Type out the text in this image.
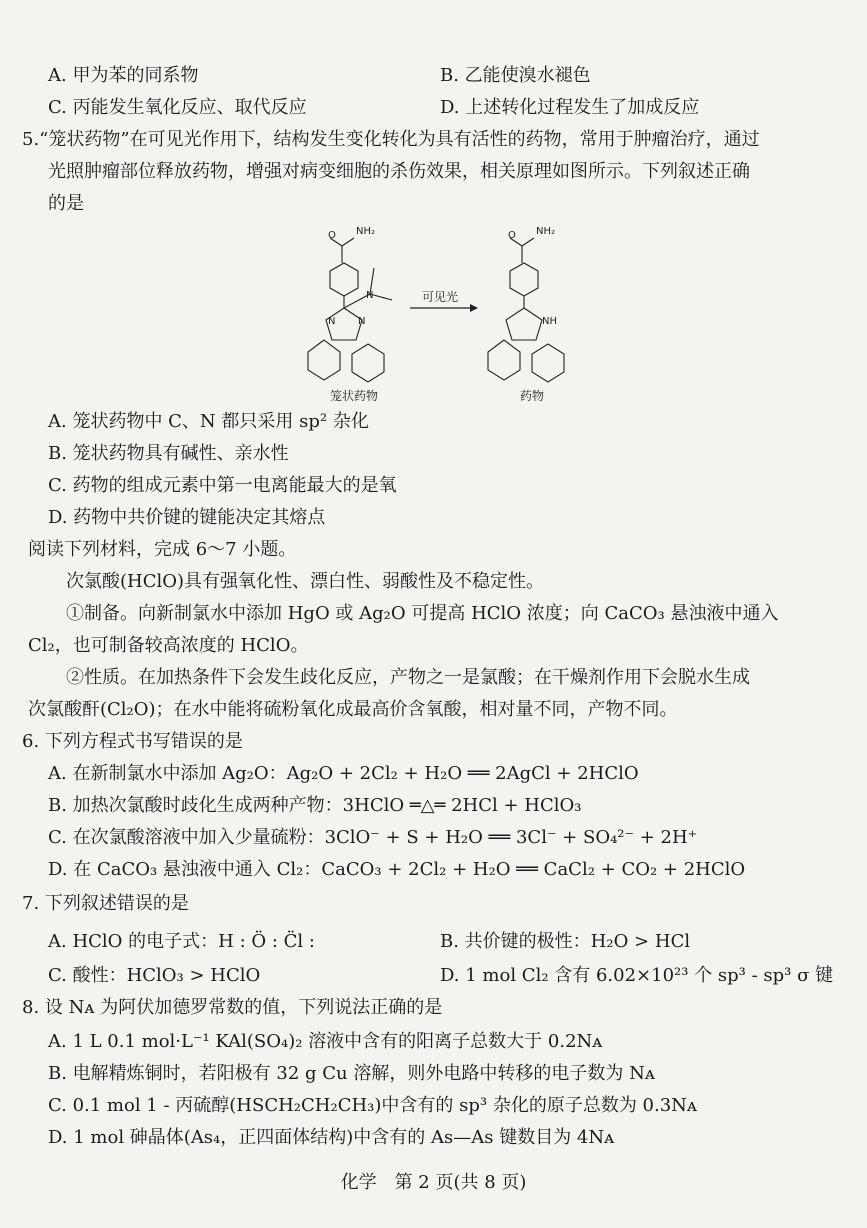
A. 甲为苯的同系物	B. 乙能使溴水褪色
C. 丙能发生氧化反应、取代反应	D. 上述转化过程发生了加成反应
5.“笼状药物”在可见光作用下，结构发生变化转化为具有活性的药物，常用于肿瘤治疗，通过
光照肿瘤部位释放药物，增强对病变细胞的杀伤效果，相关原理如图所示。下列叙述正确
的是
NH₂
O
N
N N
可见光
NH₂
O
NH
笼状药物	药物
A. 笼状药物中 C、N 都只采用 sp² 杂化
B. 笼状药物具有碱性、亲水性
C. 药物的组成元素中第一电离能最大的是氧
D. 药物中共价键的键能决定其熔点
阅读下列材料，完成 6～7 小题。
次氯酸(HClO)具有强氧化性、漂白性、弱酸性及不稳定性。
①制备。向新制氯水中添加 HgO 或 Ag₂O 可提高 HClO 浓度；向 CaCO₃ 悬浊液中通入
Cl₂，也可制备较高浓度的 HClO。
②性质。在加热条件下会发生歧化反应，产物之一是氯酸；在干燥剂作用下会脱水生成
次氯酸酐(Cl₂O)；在水中能将硫粉氧化成最高价含氧酸，相对量不同，产物不同。
6. 下列方程式书写错误的是
A. 在新制氯水中添加 Ag₂O：Ag₂O + 2Cl₂ + H₂O ══ 2AgCl + 2HClO
B. 加热次氯酸时歧化生成两种产物：3HClO ═△═ 2HCl + HClO₃
C. 在次氯酸溶液中加入少量硫粉：3ClO⁻ + S + H₂O ══ 3Cl⁻ + SO₄²⁻ + 2H⁺
D. 在 CaCO₃ 悬浊液中通入 Cl₂：CaCO₃ + 2Cl₂ + H₂O ══ CaCl₂ + CO₂ + 2HClO
7. 下列叙述错误的是
A. HClO 的电子式：H : Ö : C̈l :	B. 共价键的极性：H₂O > HCl
C. 酸性：HClO₃ > HClO	D. 1 mol Cl₂ 含有 6.02×10²³ 个 sp³ - sp³ σ 键
8. 设 Nᴀ 为阿伏加德罗常数的值，下列说法正确的是
A. 1 L 0.1 mol·L⁻¹ KAl(SO₄)₂ 溶液中含有的阳离子总数大于 0.2Nᴀ
B. 电解精炼铜时，若阳极有 32 g Cu 溶解，则外电路中转移的电子数为 Nᴀ
C. 0.1 mol 1 - 丙硫醇(HSCH₂CH₂CH₃)中含有的 sp³ 杂化的原子总数为 0.3Nᴀ
D. 1 mol 砷晶体(As₄，正四面体结构)中含有的 As—As 键数目为 4Nᴀ
化学　第 2 页(共 8 页)
